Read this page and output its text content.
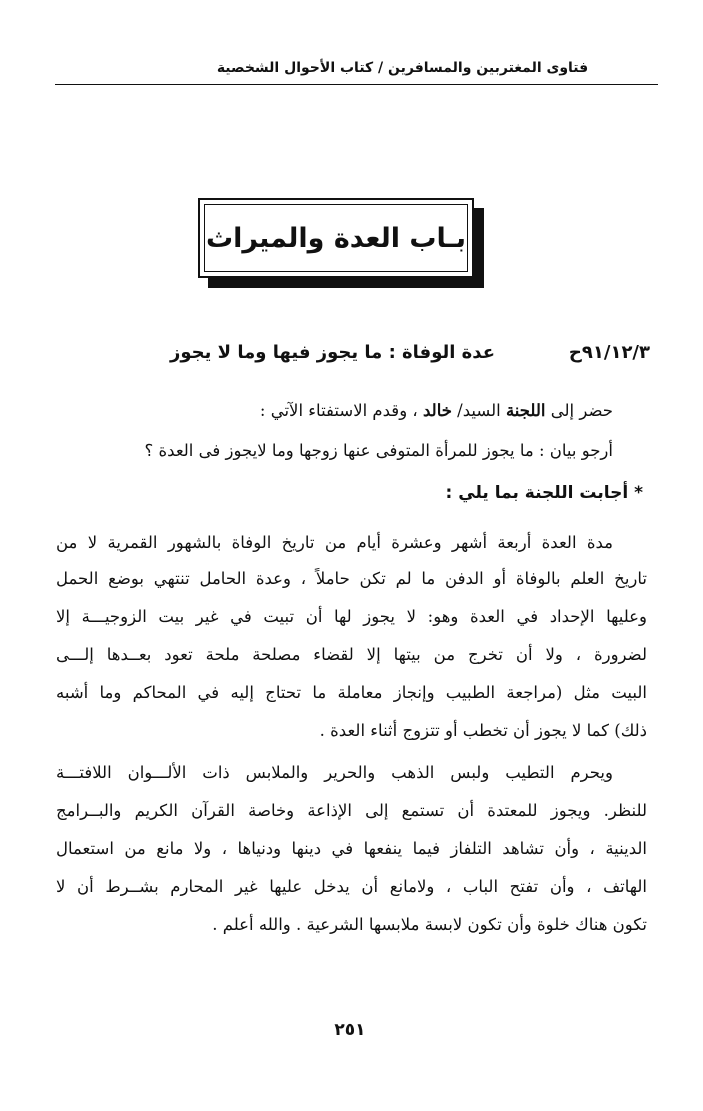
فتاوى المغتربين والمسافرين / كتاب الأحوال الشخصية
بـاب العدة والميراث
٩١/١٢/٣ح
عدة الوفاة : ما يجوز فيها وما لا يجوز
حضر إلى اللجنة السيد/ خالد ، وقدم الاستفتاء الآتي :
أرجو بيان : ما يجوز للمرأة المتوفى عنها زوجها وما لايجوز فى العدة ؟
* أجابت اللجنة بما يلي :
مدة العدة أربعة أشهر وعشرة أيام من تاريخ الوفاة بالشهور القمرية لا من
تاريخ العلم بالوفاة أو الدفن ما لم تكن حاملاً ، وعدة الحامل تنتهي بوضع الحمل
وعليها الإحداد في العدة وهو: لا يجوز لها أن تبيت في غير بيت الزوجيـــة إلا
لضرورة ، ولا أن تخرج من بيتها إلا لقضاء مصلحة ملحة تعود بعــدها إلـــى
البيت مثل (مراجعة الطبيب وإنجاز معاملة ما تحتاج إليه في المحاكم وما أشبه
ذلك) كما لا يجوز أن تخطب أو تتزوج أثناء العدة .
ويحرم التطيب ولبس الذهب والحرير والملابس ذات الألـــوان اللافتـــة
للنظر. ويجوز للمعتدة أن تستمع إلى الإذاعة وخاصة القرآن الكريم والبــرامج
الدينية ، وأن تشاهد التلفاز فيما ينفعها في دينها ودنياها ، ولا مانع من استعمال
الهاتف ، وأن تفتح الباب ، ولامانع أن يدخل عليها غير المحارم بشــرط أن لا
تكون هناك خلوة وأن تكون لابسة ملابسها الشرعية . والله أعلم .
٢٥١
